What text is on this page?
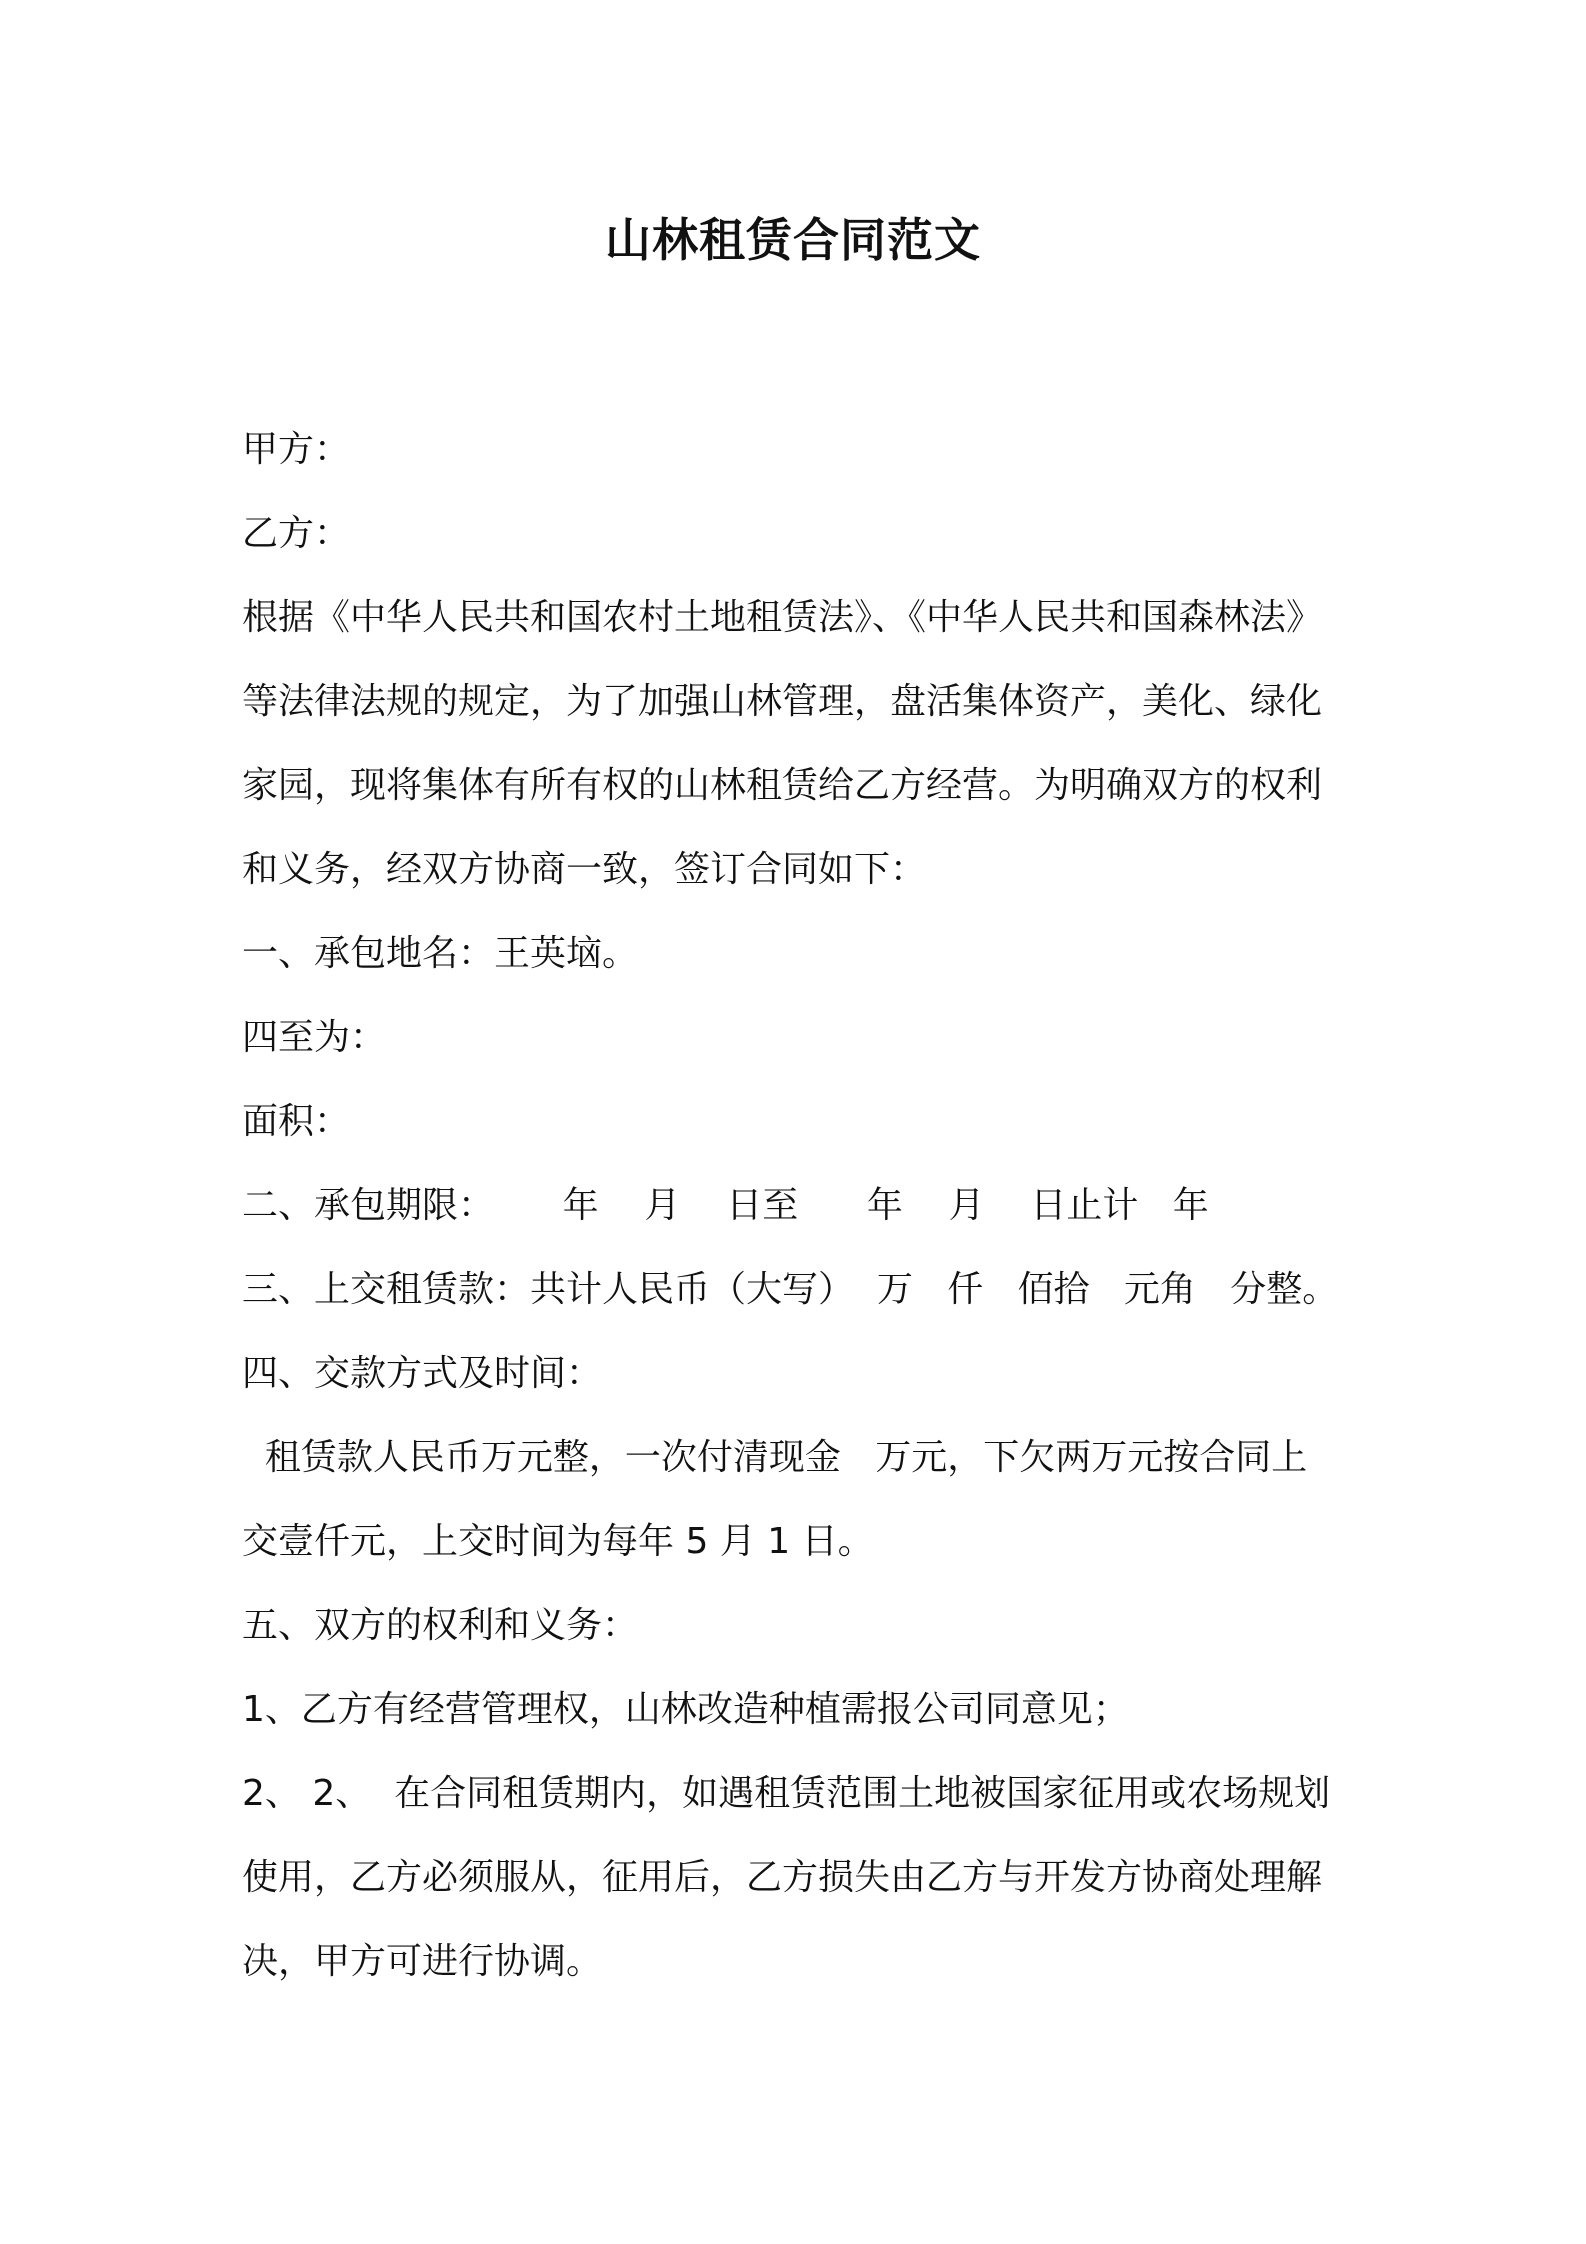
山林租赁合同范文
甲方：
乙方：
根据《中华人民共和国农村土地租赁法》、《中华人民共和国森林法》
等法律法规的规定，为了加强山林管理，盘活集体资产，美化、绿化
家园，现将集体有所有权的山林租赁给乙方经营。为明确双方的权利
和义务，经双方协商一致，签订合同如下：
一、承包地名：王英垴。
四至为：
面积：
二、承包期限：      年    月    日至      年    月    日止计   年
三、上交租赁款：共计人民币（大写）  万   仟   佰拾   元角   分整。
四、交款方式及时间：
租赁款人民币万元整，一次付清现金   万元，下欠两万元按合同上
交壹仟元，上交时间为每年 5 月 1 日。
五、双方的权利和义务：
1、乙方有经营管理权，山林改造种植需报公司同意见；
2、 2、  在合同租赁期内，如遇租赁范围土地被国家征用或农场规划
使用，乙方必须服从，征用后，乙方损失由乙方与开发方协商处理解
决，甲方可进行协调。
